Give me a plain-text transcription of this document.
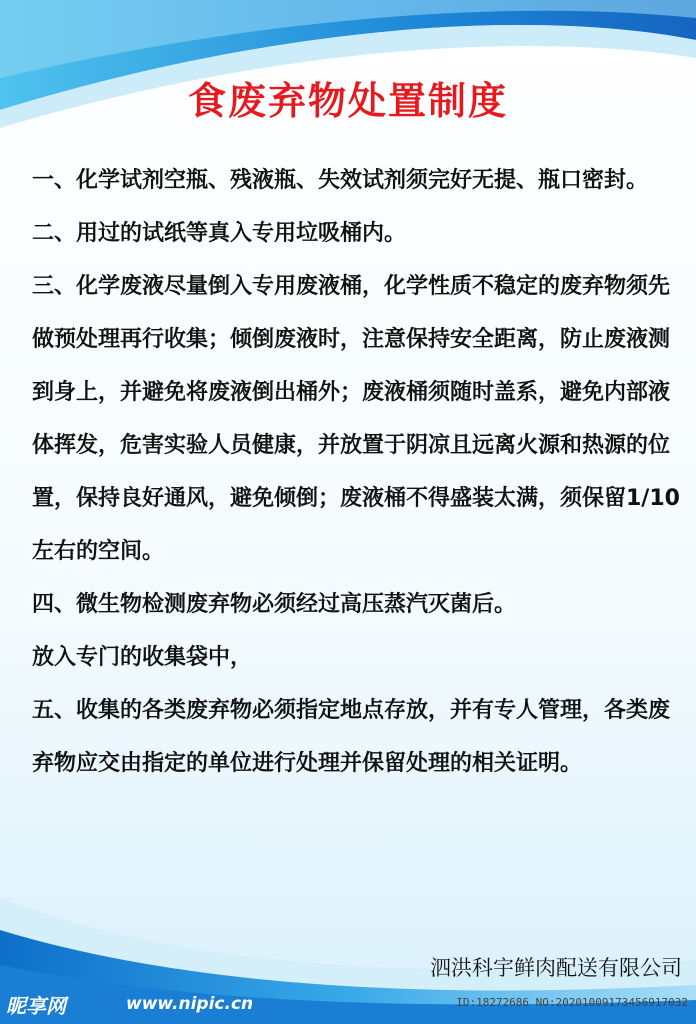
食废弃物处置制度

一、化学试剂空瓶、残液瓶、失效试剂须完好无提、瓶口密封。

二、用过的试纸等真入专用垃吸桶内。

三、化学废液尽量倒入专用废液桶，化学性质不稳定的废弃物须先做预处理再行收集；倾倒废液时，注意保持安全距离，防止废液测到身上，并避免将废液倒出桶外；废液桶须随时盖系，避免内部液体挥发，危害实验人员健康，并放置于阴凉且远离火源和热源的位置，保持良好通风，避免倾倒；废液桶不得盛装太满，须保留1/10左右的空间。

四、微生物检测废弃物必须经过高压蒸汽灭菌后。

放入专门的收集袋中，

五、收集的各类废弃物必须指定地点存放，并有专人管理，各类废弃物应交由指定的单位进行处理并保留处理的相关证明。

泗洪科宇鲜肉配送有限公司
昵享网	www.nipic.cn	ID:18272686 NO:20201009173456917032
